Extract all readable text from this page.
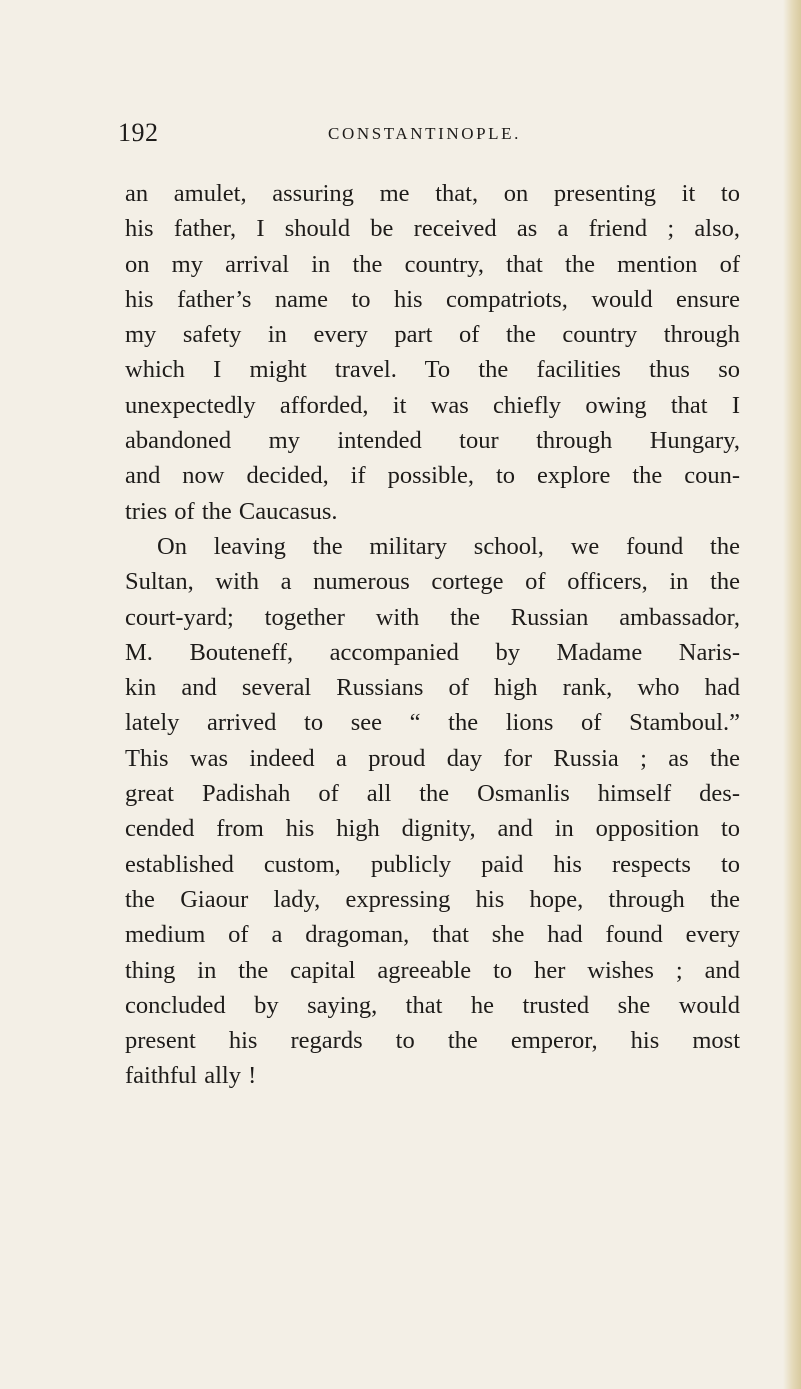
192	CONSTANTINOPLE.
an amulet, assuring me that, on presenting it to
his father, I should be received as a friend ; also,
on my arrival in the country, that the mention of
his father’s name to his compatriots, would ensure
my safety in every part of the country through
which I might travel. To the facilities thus so
unexpectedly afforded, it was chiefly owing that I
abandoned my intended tour through Hungary,
and now decided, if possible, to explore the coun-
tries of the Caucasus.
On leaving the military school, we found the
Sultan, with a numerous cortege of officers, in the
court-yard; together with the Russian ambassador,
M. Bouteneff, accompanied by Madame Naris-
kin and several Russians of high rank, who had
lately arrived to see “ the lions of Stamboul.”
This was indeed a proud day for Russia ; as the
great Padishah of all the Osmanlis himself des-
cended from his high dignity, and in opposition to
established custom, publicly paid his respects to
the Giaour lady, expressing his hope, through the
medium of a dragoman, that she had found every
thing in the capital agreeable to her wishes ; and
concluded by saying, that he trusted she would
present his regards to the emperor, his most
faithful ally !
